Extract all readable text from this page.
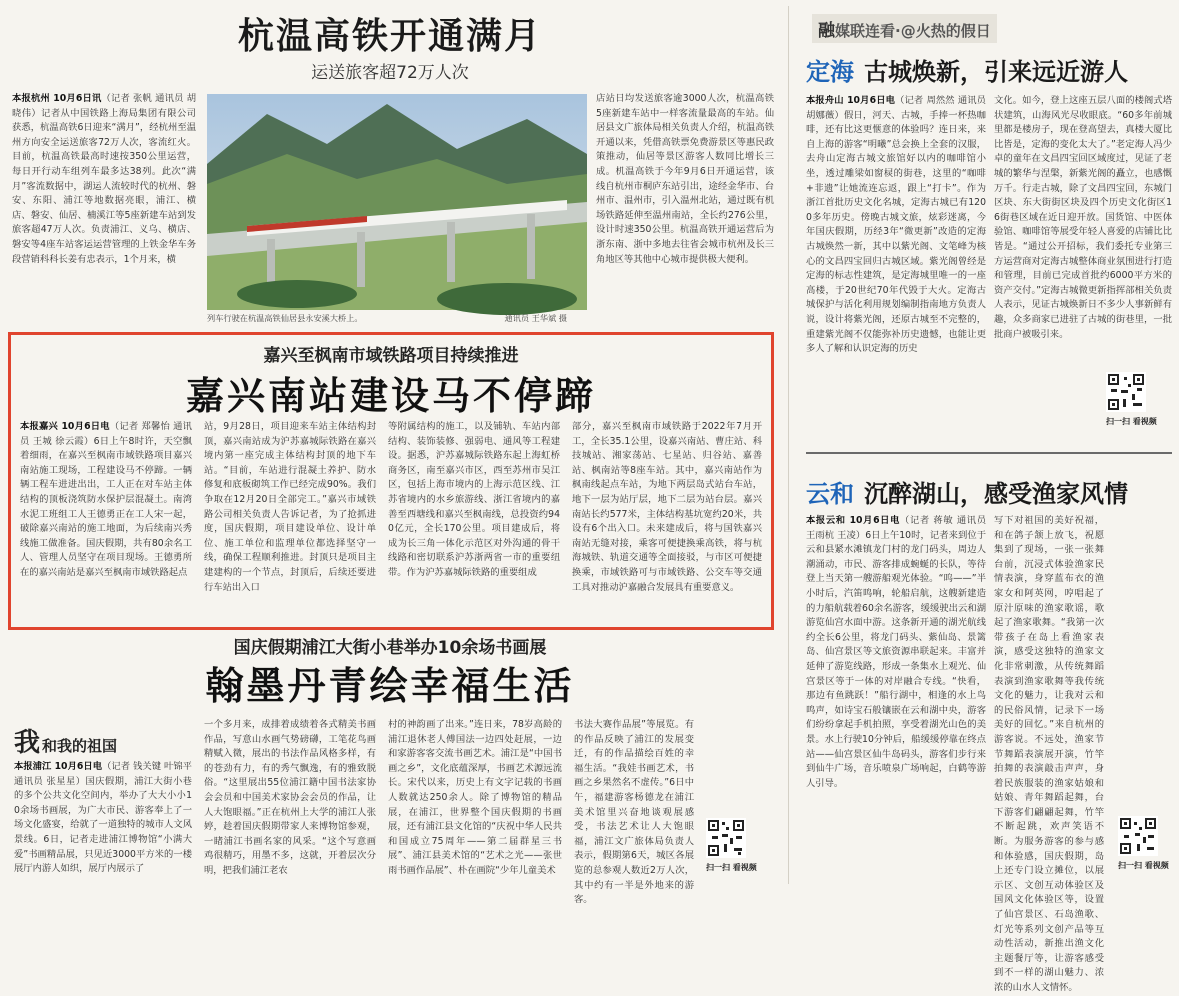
杭温高铁开通满月
运送旅客超72万人次
本报杭州 10月6日讯（记者 张帆 通讯员 胡晓伟）记者从中国铁路上海局集团有限公司获悉，杭温高铁6日迎来“满月”，经杭州至温州方向安全运送旅客72万人次，客流红火。目前，杭温高铁最高时速按350公里运营，每日开行动车组列车最多达38列。此次“满月”客流数据中，湖运人流较时代的杭州、磐安、东阳、浦江等地数据亮眼，浦江、横店、磐安、仙居、楠溪江等5座新建车站到发旅客超47万人次。负责浦江、义乌、横店、磐安等4座车站客运运营管理的上铁金华车务段营销科科长姜有忠表示，1个月来，横
列车行驶在杭温高铁仙居县永安溪大桥上。	通讯员 王华斌 摄
店站日均发送旅客逾3000人次，杭温高铁5座新建车站中一样客流量最高的车站。仙居县文广旅体局相关负责人介绍，杭温高铁开通以来，凭借高铁票免费游景区等惠民政策推动，仙居等景区游客人数同比增长三成。机温高铁于今年9月6日开通运营，该线自杭州市桐庐东站引出，途经金华市、台州市、温州市，引入温州北站，通过既有机场铁路延伸至温州南站，全长约276公里，设计时速350公里。杭温高铁开通运营后为浙东南、浙中多地去往省会城市杭州及长三角地区等其他中心城市提供极大便利。
嘉兴至枫南市域铁路项目持续推进
嘉兴南站建设马不停蹄
本报嘉兴 10月6日电（记者 郑馨怡 通讯员 王城 徐云霞）6日上午8时许，天空飘着细雨，在嘉兴至枫南市域铁路项目嘉兴南站施工现场，工程建设马不停蹄。一辆辆工程车进进出出，工人正在对车站主体结构的顶板浇筑防水保护层混凝土。南湾水泥工班组工人王德勇正在工人宋一起，破除嘉兴南站的施工地面，为后续南兴秀线施工做准备。国庆假期，共有80余名工人、管理人员坚守在项目现场。王德勇所在的嘉兴南站是嘉兴至枫南市域铁路起点
站，9月28日，项目迎来车站主体结构封顶，嘉兴南站成为沪苏嘉城际铁路在嘉兴境内第一座完成主体结构封顶的地下车站。“目前，车站进行混凝土养护、防水修复和底板砌筑工作已经完成90%。我们争取在12月20日全部完工。”嘉兴市域铁路公司相关负责人告诉记者，为了抢抓进度，国庆假期，项目建设单位、设计单位、施工单位和监理单位都选择坚守一线，确保工程顺利推进。封顶只是项目主建建构的一个节点，封顶后，后续还要进行车站出入口
等附属结构的施工，以及铺轨、车站内部结构、装饰装修、强弱电、通风等工程建设。据悉，沪苏嘉城际铁路东起上海虹桥商务区，南至嘉兴市区，西至苏州市吴江区，包括上海市境内的上海示范区线、江苏省境内的水乡旅游线、浙江省境内的嘉善至西塘线和嘉兴至枫南线，总投资约940亿元，全长170公里。项目建成后，将成为长三角一体化示范区对外沟通的骨干线路和密切联系沪苏浙两省一市的重要纽带。作为沪苏嘉城际铁路的重要组成
部分，嘉兴至枫南市域铁路于2022年7月开工，全长35.1公里，设嘉兴南站、曹庄站、科技城站、湘家荡站、七星站、归谷站、嘉善站、枫南站等8座车站。其中，嘉兴南站作为枫南线起点车站，为地下两层岛式站台车站，地下一层为站厅层，地下二层为站台层。嘉兴南站长约577米，主体结构基坑宽约20米，共设有6个出入口。未来建成后，将与国铁嘉兴南站无缝对接，乘客可便捷换乘高铁，将与杭海城铁、轨道交通等全面接驳，与市区可便捷换乘，市域铁路可与市域铁路、公交车等交通工具对推动沪嘉融合发展具有重要意义。
国庆假期浦江大街小巷举办10余场书画展
翰墨丹青绘幸福生活
我和我的祖国
本报浦江 10月6日电（记者 钱关键 叶锦平 通讯员 张星星）国庆假期，浦江大街小巷的多个公共文化空间内，举办了大大小小10余场书画展，为广大市民、游客奉上了一场文化盛宴，给就了一道独特的城市人文风景线。6日，记者走进浦江博物馆“小满大爱”书画精品展，只见近3000平方米的一楼展厅内游人如织，展厅内展示了
一个多月来，成排着成绩着各式精美书画作品，写意山水画气势磅礴，工笔花鸟画精赋入微，展出的书法作品风格多样，有的苍劲有力，有的秀气飘逸，有的雅致脱俗。“这里展出55位浦江籍中国书法家协会会员和中国美术家协会会员的作品，让人大饱眼福。”正在杭州上大学的浦江人张婷，趁着国庆假期带家人来博物馆参观，一睹浦江书画名家的风采。“这个写意画鸡很精巧，用墨不多，这就，开着层次分明，把我们浦江老农
村的神韵画了出来。”连日来，78岁高龄的浦江退休老人傅国法一边四处赶展，一边和家游客客交流书画艺术。浦江是“中国书画之乡”，文化底蕴深厚，书画艺术源远流长。宋代以来，历史上有文字记载的书画人数就达250余人。除了博物馆的精品展，在浦江，世界整个国庆假期的书画展，还有浦江县文化馆的“庆祝中华人民共和国成立75周年——第二届群星三书展”、浦江县美术馆的“艺术之光——张世雨书画作品展”、朴在画院“少年儿童美术
书法大赛作品展”等展览。有的作品反映了浦江的发展变迁，有的作品描绘百姓的幸福生活。“我娃书画艺术，书画之乡果然名不虚传。”6日中午，福建游客杨德龙在浦江美术馆里兴奋地谈观展感受，书法艺术让人大饱眼福，浦江文广旅体局负责人表示，假期第6天，城区各展览的总参观人数近2万人次，其中约有一半是外地来的游客。
扫一扫 看视频
融媒联连看·@火热的假日
定海 古城焕新，引来远近游人
本报舟山 10月6日电（记者 周然然 通讯员 胡娜薇）假日，河天、古城，手捧一杯热咖啡，还有比这更惬意的体验吗？连日来，来自上海的游客“明曦”总会换上全套的汉服，去舟山定海古城文旅馆好以内的咖啡馆小坐，透过雕梁如窗棂的街巷，这里的“咖啡+非遗”让她流连忘返，跟上“打卡”。作为浙江首批历史文化名城，定海古城已有1200多年历史。傍晚古城文旅，炫彩迷离，今年国庆假期，历经3年“微更新”改造的定海古城焕然一新，其中以紫光阁、文笔峰为核心的文昌四宝回归古城区域。紫光阁曾经是定海的标志性建筑，是定海城里唯一的一座高楼，于20世纪70年代毁于大火。定海古城保护与活化利用规划编制指南地方负责人说，设计将紫光阁，还原古城至不完整的，重建紫光阁不仅能弥补历史遗憾，也能让更多人了解和认识定海的历史
文化。如今，登上这座五层八面的楼阁式塔状建筑，山海风光尽收眼底。“60多年前城里都是楼房子，现在登高望去，真楼大厦比比皆是，定海的变化太大了。”老定海人冯少卓的童年在文昌四宝回区域度过，见证了老城的繁华与涅槃，新紫光阁的矗立，也感慨万千。行走古城，除了文昌四宝回，东城门区块、东大街街区块及四个历史文化街区16街巷区域在近日迎开放。国货馆、中医体验馆、咖啡馆等展受年轻人喜爱的店铺比比皆是。“通过公开招标，我们委托专业第三方运营商对定海古城整体商业氛围进行打造和管理，目前已完成首批约6000平方米的资产交付。”定海古城微更新指挥部相关负责人表示，见证古城焕新日不多少人事新鲜有趣，众多商家已进驻了古城的街巷里，一批批商户被吸引来。
扫一扫 看视频
云和 沉醉湖山，感受渔家风情
本报云和 10月6日电（记者 蒋敏 通讯员 王雨杭 王凌）6日上午10时，记者来到位于云和县紧水滩镇龙门村的龙门码头，周边人潮涌动，市民、游客排成蜿蜒的长队，等待登上当天第一艘游船观光体验。“呜——”半小时后，汽笛鸣响，轮船启航，这艘新建造的力船航载着60余名游客，缓缓驶出云和湖游览仙宫水面中游。这条新开通的湖光航线约全长6公里，将龙门码头、紫仙岛、景篱岛、仙宫景区等文旅资源串联起来。丰富并延伸了游览线路，形成一条集水上观光、仙宫景区等于一体的对岸融合专线。“快看，那边有鱼跳跃！”船行湖中，相逢的水上鸟鸣声，如诗宝石般镶嵌在云和湖中央，游客们纷纷拿起手机拍照，享受着湖光山色的美景。水上行驶10分钟后，船缓缓停靠在终点站——仙宫景区仙牛岛码头，游客们步行来到仙牛广场，音乐喷泉广场响起，白鹤等游人引导。
写下对祖国的美好祝福，和在鸽子颔上放飞，祝愿集到了现场，一张一张舞台前，沉浸式体验渔家民情表演，身穿蓝布衣的渔家女和阿英网，哼唱起了原汁原味的渔家歌谣，歌起了渔家歌舞。“我第一次带孩子在岛上看渔家表演，感受这独特的渔家文化非常刺激，从传统舞蹈表演到渔家歌舞等我传统文化的魅力，让我对云和的民俗风情，记录下一场美好的回忆。”来自杭州的游客说。不远处，渔家节节舞蹈表演展开演，竹竿拍舞的表演敲击声声，身着民族服装的渔家姑娘和姑娘、青年舞蹈起舞，台下游客们翩翩起舞，竹竿不断起跳，欢声笑语不断。为服务游客的参与感和体验感，国庆假期，岛上还专门设立摊位，以展示区、文创互动体验区及国风文化体验区等，设置了仙宫景区、石岛渔歌、灯光等系列文创产品等互动性活动，新推出渔文化主题餐厅等，让游客感受到不一样的湖山魅力、浓浓的山水人文情怀。
扫一扫 看视频
